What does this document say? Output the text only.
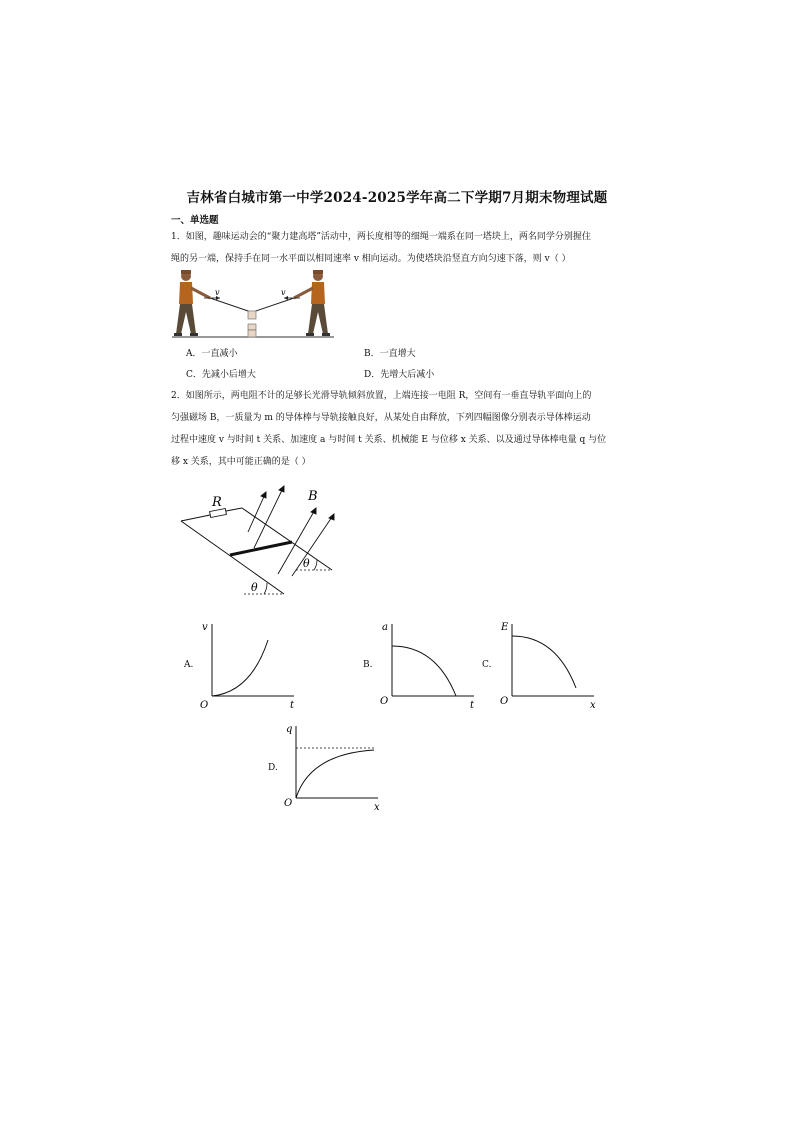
吉林省白城市第一中学2024-2025学年高二下学期7月期末物理试题
一、单选题
1．如图，趣味运动会的“聚力建高塔”活动中，两长度相等的细绳一端系在同一塔块上，两名同学分别握住
绳的另一端，保持手在同一水平面以相同速率 v 相向运动。为使塔块沿竖直方向匀速下落，则 v（ ）
v	v
A．一直减小	B．一直增大
C．先减小后增大	D．先增大后减小
2．如图所示，两电阻不计的足够长光滑导轨倾斜放置，上端连接一电阻 R，空间有一垂直导轨平面向上的
匀强磁场 B，一质量为 m 的导体棒与导轨接触良好，从某处自由释放，下列四幅图像分别表示导体棒运动
过程中速度 v 与时间 t 关系、加速度 a 与时间 t 关系、机械能 E 与位移 x 关系、以及通过导体棒电量 q 与位
移 x 关系，其中可能正确的是（ ）
θ
θ
R	B
A.
v
t
O
B.
a
t
O
C.
E
x
O
D.
q
x
O
